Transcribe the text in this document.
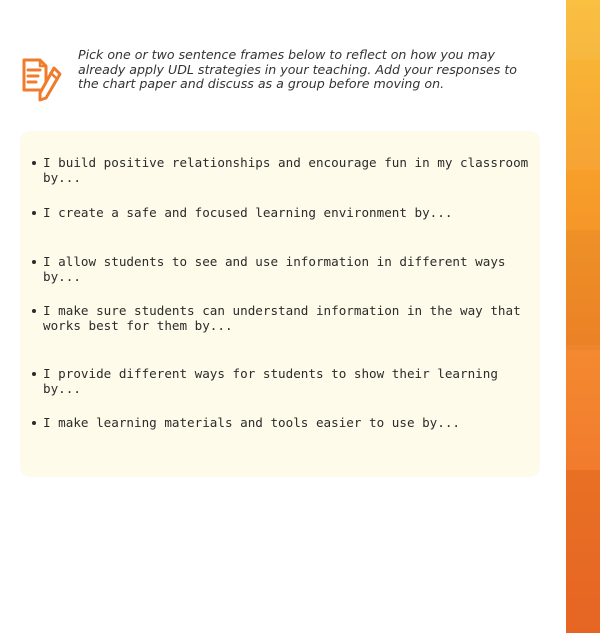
Pick one or two sentence frames below to reflect on how you may already apply UDL strategies in your teaching. Add your responses to the chart paper and discuss as a group before moving on.

I build positive relationships and encourage fun in my classroom by...
I create a safe and focused learning environment by...
I allow students to see and use information in different ways by...
I make sure students can understand information in the way that works best for them by...
I provide different ways for students to show their learning by...
I make learning materials and tools easier to use by...
